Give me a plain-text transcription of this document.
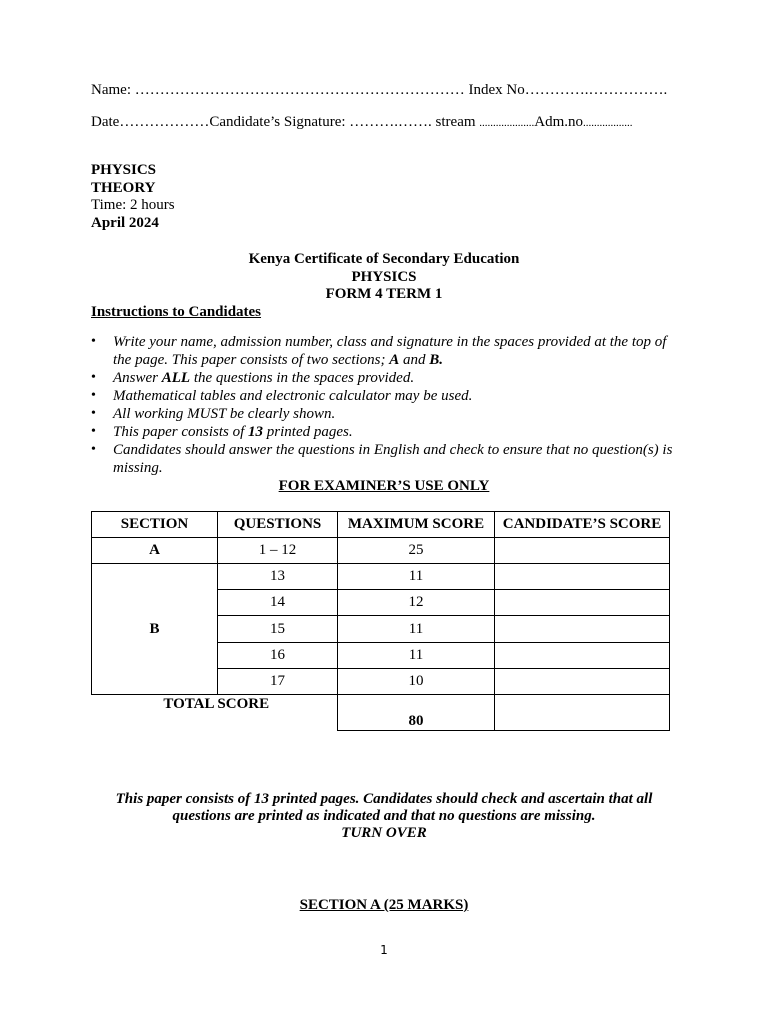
Name: ………………………………………………………… Index No………….…………….
Date………………Candidate’s Signature: ……….……. stream ....................Adm.no..................
PHYSICS
THEORY
Time: 2 hours
April 2024
Kenya Certificate of Secondary Education
PHYSICS
FORM 4 TERM 1
Instructions to Candidates
• Write your name, admission number, class and signature in the spaces provided at the top of the page. This paper consists of two sections; A and B.
• Answer ALL the questions in the spaces provided.
• Mathematical tables and electronic calculator may be used.
• All working MUST be clearly shown.
• This paper consists of 13 printed pages.
• Candidates should answer the questions in English and check to ensure that no question(s) is missing.
FOR EXAMINER’S USE ONLY
SECTION	QUESTIONS	MAXIMUM SCORE	CANDIDATE’S SCORE
A	1 – 12	25	
B	13	11	
	14	12	
	15	11	
	16	11	
	17	10	
TOTAL SCORE		80	
This paper consists of 13 printed pages. Candidates should check and ascertain that all
questions are printed as indicated and that no questions are missing.
TURN OVER
SECTION A (25 MARKS)
1
